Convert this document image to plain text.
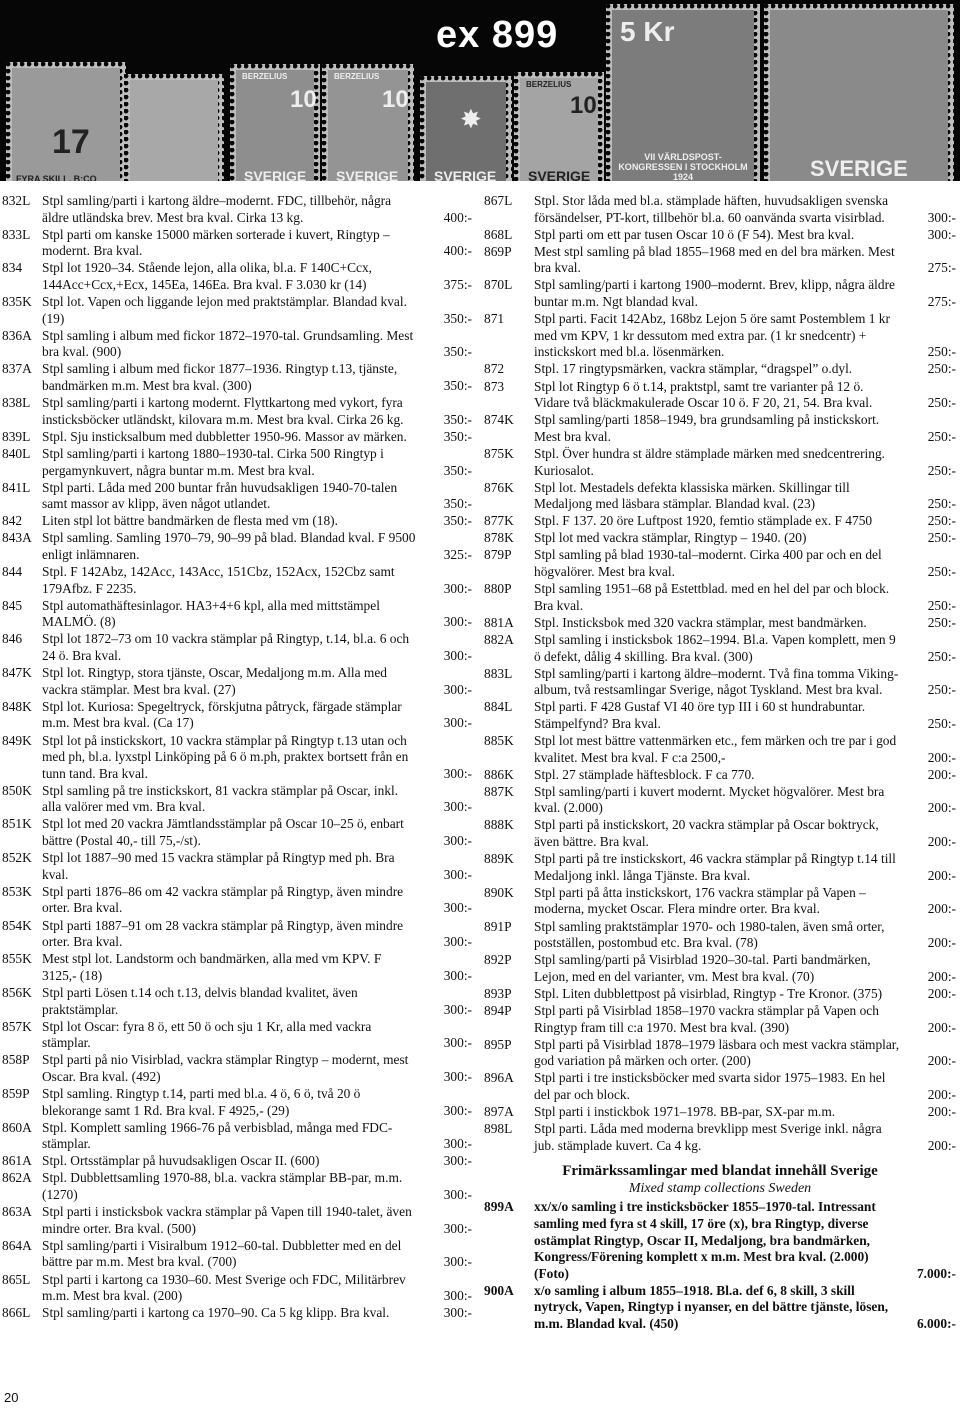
17
FYRA SKILL. B:CO
BERZELIUS
10
SVERIGE
BERZELIUS
10
SVERIGE
✸
SVERIGE
BERZELIUS
10
SVERIGE
5 Kr
VII VÄRLDSPOST-KONGRESSEN I STOCKHOLM 1924	SVERIGE
ex 899
832L Stpl samling/parti i kartong äldre–modernt. FDC, tillbehör, några äldre utländska brev. Mest bra kval. Cirka 13 kg.	400:-
833L Stpl parti om kanske 15000 märken sorterade i kuvert, Ringtyp – modernt. Bra kval.	400:-
834 Stpl lot 1920–34. Stående lejon, alla olika, bl.a. F 140C+Ccx, 144Acc+Ccx,+Ecx, 145Ea, 146Ea. Bra kval. F 3.030 kr (14)	375:-
835K Stpl lot. Vapen och liggande lejon med praktstämplar. Blandad kval. (19)	350:-
836A Stpl samling i album med fickor 1872–1970-tal. Grundsamling. Mest bra kval. (900)	350:-
837A Stpl samling i album med fickor 1877–1936. Ringtyp t.13, tjänste, bandmärken m.m. Mest bra kval. (300)	350:-
838L Stpl samling/parti i kartong modernt. Flyttkartong med vykort, fyra insticksböcker utländskt, kilovara m.m. Mest bra kval. Cirka 26 kg.	350:-
839L Stpl. Sju insticksalbum med dubbletter 1950-96. Massor av märken.	350:-
840L Stpl samling/parti i kartong 1880–1930-tal. Cirka 500 Ringtyp i pergamynkuvert, några buntar m.m. Mest bra kval.	350:-
841L Stpl parti. Låda med 200 buntar från huvudsakligen 1940-70-talen samt massor av klipp, även något utlandet.	350:-
842 Liten stpl lot bättre bandmärken de flesta med vm (18).	350:-
843A Stpl samling. Samling 1970–79, 90–99 på blad. Blandad kval. F 9500 enligt inlämnaren.	325:-
844 Stpl. F 142Abz, 142Acc, 143Acc, 151Cbz, 152Acx, 152Cbz samt 179Afbz. F 2235.	300:-
845 Stpl automathäftesinlagor. HA3+4+6 kpl, alla med mittstämpel MALMÖ. (8)	300:-
846 Stpl lot 1872–73 om 10 vackra stämplar på Ringtyp, t.14, bl.a. 6 och 24 ö. Bra kval.	300:-
847K Stpl lot. Ringtyp, stora tjänste, Oscar, Medaljong m.m. Alla med vackra stämplar. Mest bra kval. (27)	300:-
848K Stpl lot. Kuriosa: Spegeltryck, förskjutna påtryck, färgade stämplar m.m. Mest bra kval. (Ca 17)	300:-
849K Stpl lot på instickskort, 10 vackra stämplar på Ringtyp t.13 utan och med ph, bl.a. lyxstpl Linköping på 6 ö m.ph, praktex bortsett från en tunn tand. Bra kval.	300:-
850K Stpl samling på tre instickskort, 81 vackra stämplar på Oscar, inkl. alla valörer med vm. Bra kval.	300:-
851K Stpl lot med 20 vackra Jämtlandsstämplar på Oscar 10–25 ö, enbart bättre (Postal 40,- till 75,-/st).	300:-
852K Stpl lot 1887–90 med 15 vackra stämplar på Ringtyp med ph. Bra kval.	300:-
853K Stpl parti 1876–86 om 42 vackra stämplar på Ringtyp, även mindre orter. Bra kval.	300:-
854K Stpl parti 1887–91 om 28 vackra stämplar på Ringtyp, även mindre orter. Bra kval.	300:-
855K Mest stpl lot. Landstorm och bandmärken, alla med vm KPV. F 3125,- (18)	300:-
856K Stpl parti Lösen t.14 och t.13, delvis blandad kvalitet, även praktstämplar.	300:-
857K Stpl lot Oscar: fyra 8 ö, ett 50 ö och sju 1 Kr, alla med vackra stämplar.	300:-
858P Stpl parti på nio Visirblad, vackra stämplar Ringtyp – modernt, mest Oscar. Bra kval. (492)	300:-
859P Stpl samling. Ringtyp t.14, parti med bl.a. 4 ö, 6 ö, två 20 ö blekorange samt 1 Rd. Bra kval. F 4925,- (29)	300:-
860A Stpl. Komplett samling 1966-76 på verbisblad, många med FDC-stämplar.	300:-
861A Stpl. Ortsstämplar på huvudsakligen Oscar II. (600)	300:-
862A Stpl. Dubblettsamling 1970-88, bl.a. vackra stämplar BB-par, m.m. (1270)	300:-
863A Stpl parti i insticksbok vackra stämplar på Vapen till 1940-talet, även mindre orter. Bra kval. (500)	300:-
864A Stpl samling/parti i Visiralbum 1912–60-tal. Dubbletter med en del bättre par m.m. Mest bra kval. (700)	300:-
865L Stpl parti i kartong ca 1930–60. Mest Sverige och FDC, Militärbrev m.m. Mest bra kval. (200)	300:-
866L Stpl samling/parti i kartong ca 1970–90. Ca 5 kg klipp. Bra kval.	300:-
867L Stpl. Stor låda med bl.a. stämplade häften, huvudsakligen svenska försändelser, PT-kort, tillbehör bl.a. 60 oanvända svarta visirblad.	300:-
868L Stpl parti om ett par tusen Oscar 10 ö (F 54). Mest bra kval.	300:-
869P Mest stpl samling på blad 1855–1968 med en del bra märken. Mest bra kval.	275:-
870L Stpl samling/parti i kartong 1900–modernt. Brev, klipp, några äldre buntar m.m. Ngt blandad kval.	275:-
871 Stpl parti. Facit 142Abz, 168bz Lejon 5 öre samt Postemblem 1 kr med vm KPV, 1 kr dessutom med extra par. (1 kr snedcentr) + instickskort med bl.a. lösenmärken.	250:-
872 Stpl. 17 ringtypsmärken, vackra stämplar, “dragspel” o.dyl.	250:-
873 Stpl lot Ringtyp 6 ö t.14, praktstpl, samt tre varianter på 12 ö. Vidare två bläckmakulerade Oscar 10 ö. F 20, 21, 54. Bra kval.	250:-
874K Stpl samling/parti 1858–1949, bra grundsamling på instickskort. Mest bra kval.	250:-
875K Stpl. Över hundra st äldre stämplade märken med snedcentrering. Kuriosalot.	250:-
876K Stpl lot. Mestadels defekta klassiska märken. Skillingar till Medaljong med läsbara stämplar. Blandad kval. (23)	250:-
877K Stpl. F 137. 20 öre Luftpost 1920, femtio stämplade ex. F 4750	250:-
878K Stpl lot med vackra stämplar, Ringtyp – 1940. (20)	250:-
879P Stpl samling på blad 1930-tal–modernt. Cirka 400 par och en del högvalörer. Mest bra kval.	250:-
880P Stpl samling 1951–68 på Estettblad. med en hel del par och block. Bra kval.	250:-
881A Stpl. Insticksbok med 320 vackra stämplar, mest bandmärken.	250:-
882A Stpl samling i insticksbok 1862–1994. Bl.a. Vapen komplett, men 9 ö defekt, dålig 4 skilling. Bra kval. (300)	250:-
883L Stpl samling/parti i kartong äldre–modernt. Två fina tomma Viking-album, två restsamlingar Sverige, något Tyskland. Mest bra kval.	250:-
884L Stpl parti. F 428 Gustaf VI 40 öre typ III i 60 st hundrabuntar. Stämpelfynd? Bra kval.	250:-
885K Stpl lot mest bättre vattenmärken etc., fem märken och tre par i god kvalitet. Mest bra kval. F c:a 2500,-	200:-
886K Stpl. 27 stämplade häftesblock. F ca 770.	200:-
887K Stpl samling/parti i kuvert modernt. Mycket högvalörer. Mest bra kval. (2.000)	200:-
888K Stpl parti på instickskort, 20 vackra stämplar på Oscar boktryck, även bättre. Bra kval.	200:-
889K Stpl parti på tre instickskort, 46 vackra stämplar på Ringtyp t.14 till Medaljong inkl. långa Tjänste. Bra kval.	200:-
890K Stpl parti på åtta instickskort, 176 vackra stämplar på Vapen – moderna, mycket Oscar. Flera mindre orter. Bra kval.	200:-
891P Stpl samling praktstämplar 1970- och 1980-talen, även små orter, postställen, postombud etc. Bra kval. (78)	200:-
892P Stpl samling/parti på Visirblad 1920–30-tal. Parti bandmärken, Lejon, med en del varianter, vm. Mest bra kval. (70)	200:-
893P Stpl. Liten dubblettpost på visirblad, Ringtyp - Tre Kronor. (375)	200:-
894P Stpl parti på Visirblad 1858–1970 vackra stämplar på Vapen och Ringtyp fram till c:a 1970. Mest bra kval. (390)	200:-
895P Stpl parti på Visirblad 1878–1979 läsbara och mest vackra stämplar, god variation på märken och orter. (200)	200:-
896A Stpl parti i tre insticksböcker med svarta sidor 1975–1983. En hel del par och block.	200:-
897A Stpl parti i instickbok 1971–1978. BB-par, SX-par m.m.	200:-
898L Stpl parti. Låda med moderna brevklipp mest Sverige inkl. några jub. stämplade kuvert. Ca 4 kg.	200:-
Frimärkssamlingar med blandat innehåll Sverige
Mixed stamp collections Sweden
899A xx/x/o samling i tre insticksböcker 1855–1970-tal. Intressant samling med fyra st 4 skill, 17 öre (x), bra Ringtyp, diverse ostämplat Ringtyp, Oscar II, Medaljong, bra bandmärken, Kongress/Förening komplett x m.m. Mest bra kval. (2.000) (Foto)	7.000:-
900A x/o samling i album 1855–1918. Bl.a. def 6, 8 skill, 3 skill nytryck, Vapen, Ringtyp i nyanser, en del bättre tjänste, lösen, m.m. Blandad kval. (450)	6.000:-
20
